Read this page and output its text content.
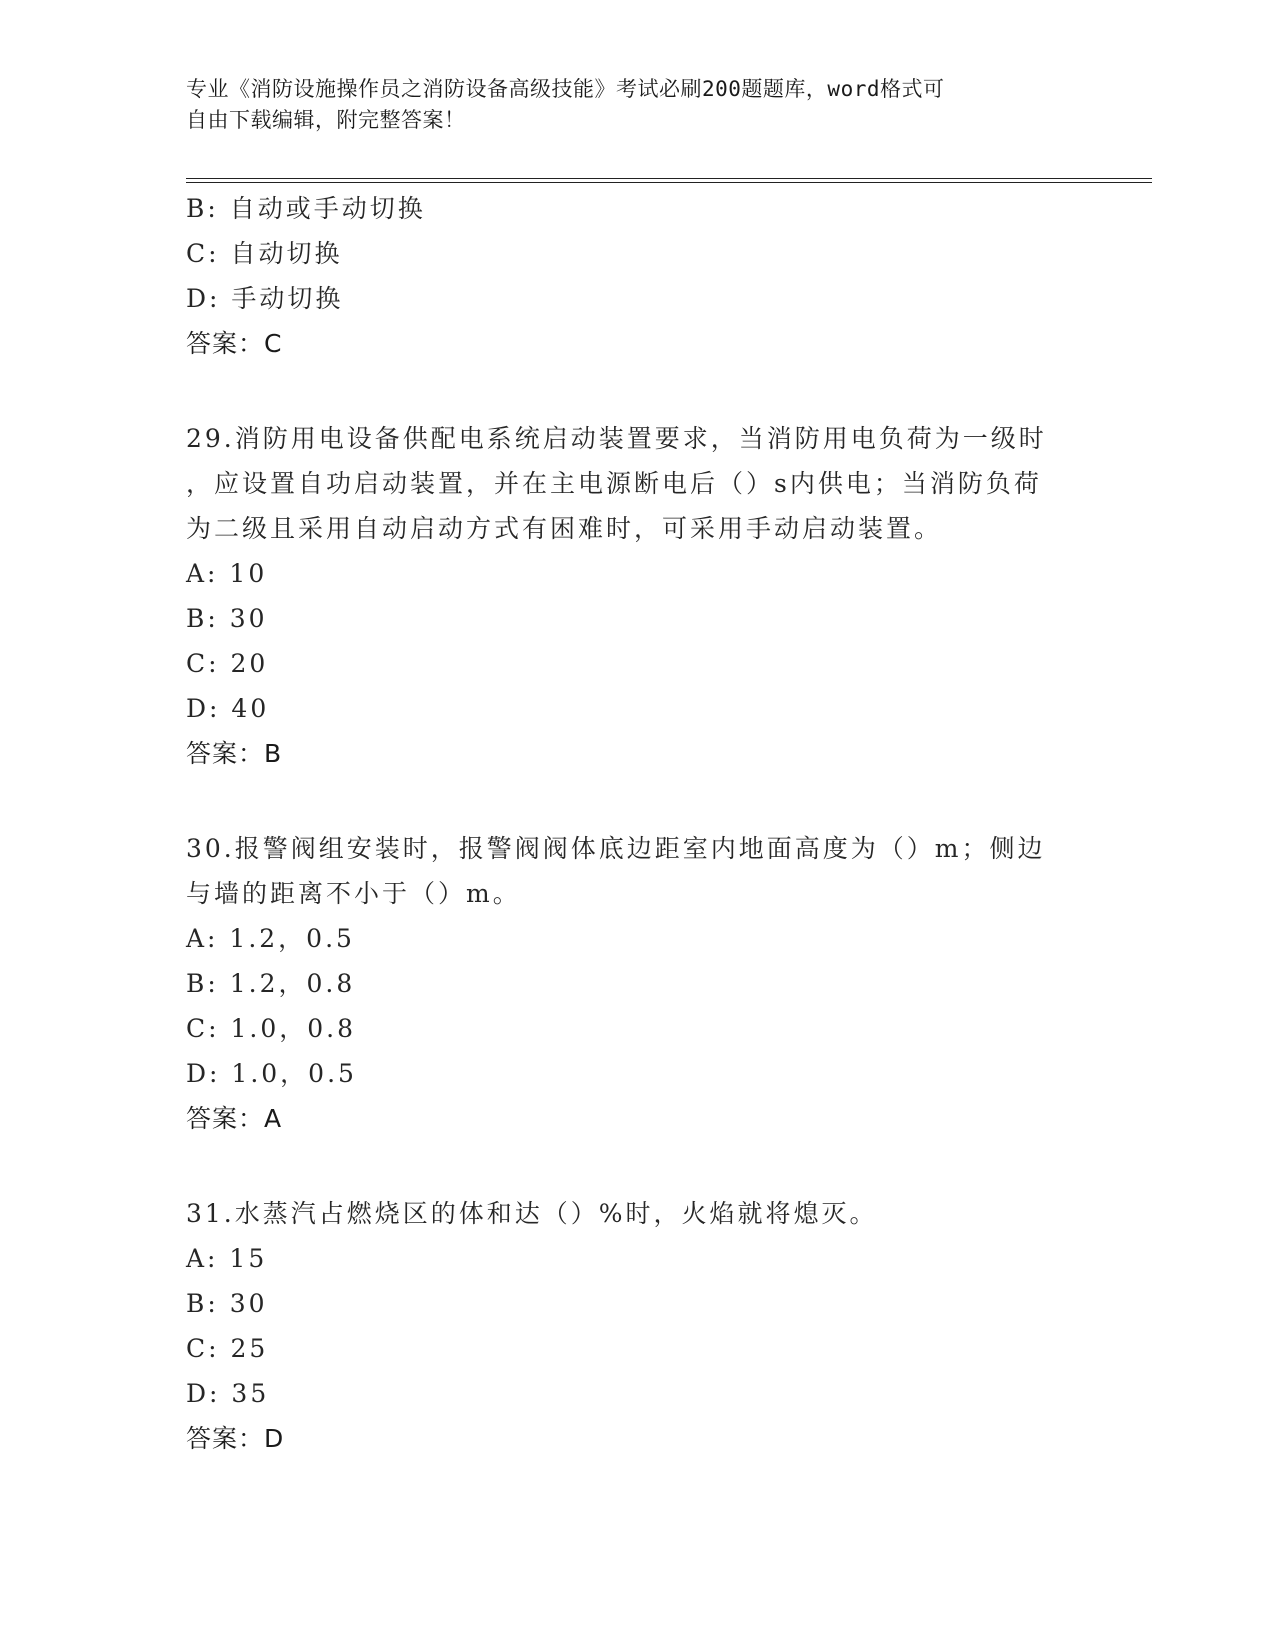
专业《消防设施操作员之消防设备高级技能》考试必刷200题题库，word格式可
自由下载编辑，附完整答案！
B: 自动或手动切换
C: 自动切换
D: 手动切换
答案：C
29.消防用电设备供配电系统启动装置要求，当消防用电负荷为一级时
，应设置自功启动装置，并在主电源断电后（）s内供电；当消防负荷
为二级且采用自动启动方式有困难时，可采用手动启动装置。
A: 10
B: 30
C: 20
D: 40
答案：B
30.报警阀组安装时，报警阀阀体底边距室内地面高度为（）m；侧边
与墙的距离不小于（）m。
A: 1.2，0.5
B: 1.2，0.8
C: 1.0，0.8
D: 1.0，0.5
答案：A
31.水蒸汽占燃烧区的体和达（）%时，火焰就将熄灭。
A: 15
B: 30
C: 25
D: 35
答案：D
